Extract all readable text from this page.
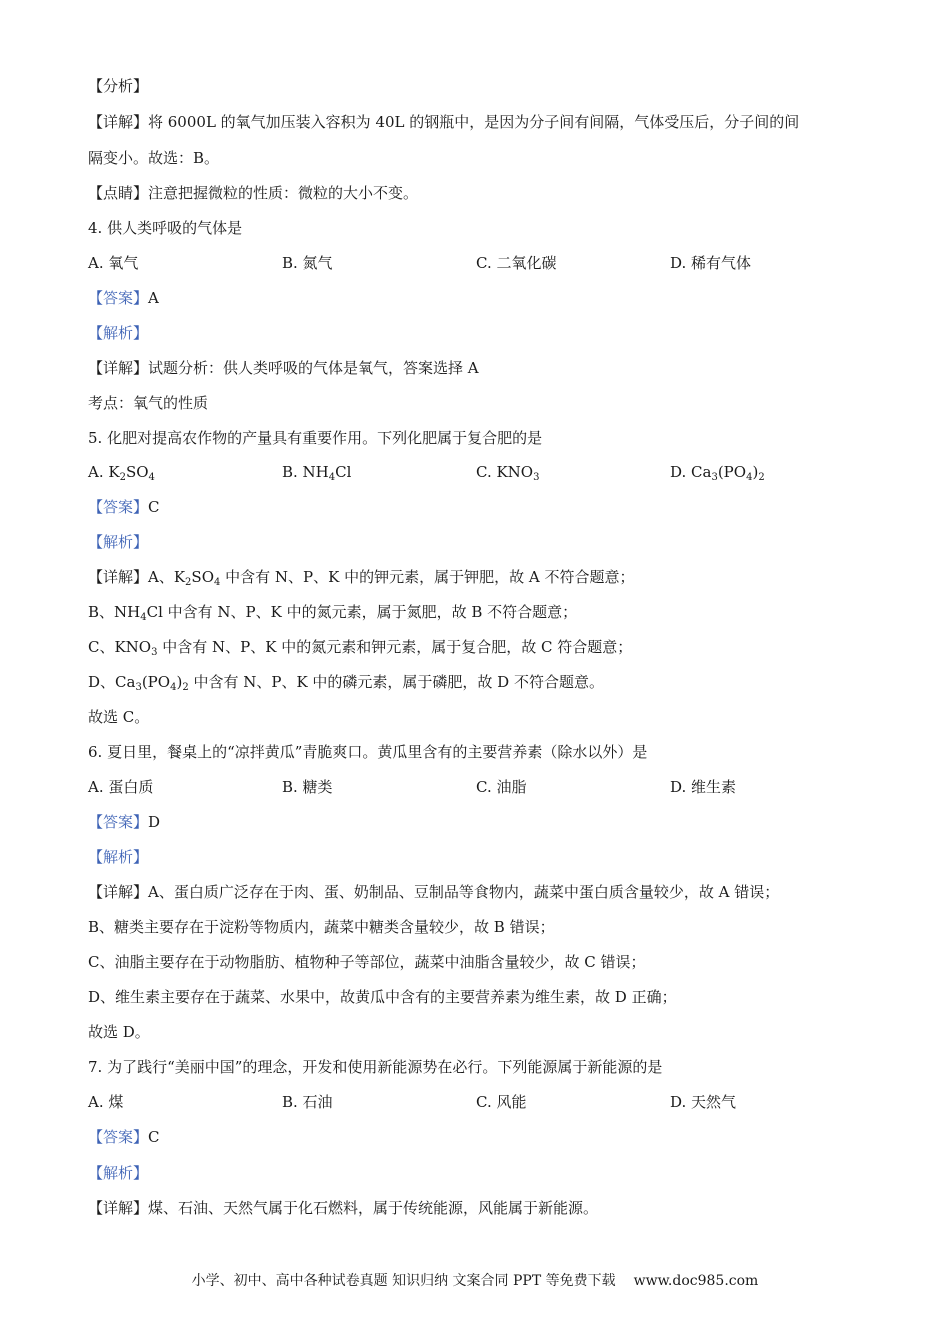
【分析】
【详解】将 6000L 的氧气加压装入容积为 40L 的钢瓶中，是因为分子间有间隔，气体受压后，分子间的间
隔变小。故选：B。
【点睛】注意把握微粒的性质：微粒的大小不变。
4. 供人类呼吸的气体是
A. 氧气	B. 氮气	C. 二氧化碳	D. 稀有气体
【答案】A
【解析】
【详解】试题分析：供人类呼吸的气体是氧气，答案选择 A
考点：氧气的性质
5. 化肥对提高农作物的产量具有重要作用。下列化肥属于复合肥的是
A. $K_2SO_4$	B. $NH_4Cl$	C. $KNO_3$	D. $Ca_3(PO_4)_2$
【答案】C
【解析】
【详解】A、$K_2SO_4$ 中含有 N、P、K 中的钾元素，属于钾肥，故 A 不符合题意；
B、$NH_4Cl$ 中含有 N、P、K 中的氮元素，属于氮肥，故 B 不符合题意；
C、$KNO_3$ 中含有 N、P、K 中的氮元素和钾元素，属于复合肥，故 C 符合题意；
D、$Ca_3(PO_4)_2$ 中含有 N、P、K 中的磷元素，属于磷肥，故 D 不符合题意。
故选 C。
6. 夏日里，餐桌上的“凉拌黄瓜”青脆爽口。黄瓜里含有的主要营养素（除水以外）是
A. 蛋白质	B. 糖类	C. 油脂	D. 维生素
【答案】D
【解析】
【详解】A、蛋白质广泛存在于肉、蛋、奶制品、豆制品等食物内，蔬菜中蛋白质含量较少，故 A 错误；
B、糖类主要存在于淀粉等物质内，蔬菜中糖类含量较少，故 B 错误；
C、油脂主要存在于动物脂肪、植物种子等部位，蔬菜中油脂含量较少，故 C 错误；
D、维生素主要存在于蔬菜、水果中，故黄瓜中含有的主要营养素为维生素，故 D 正确；
故选 D。
7. 为了践行“美丽中国”的理念，开发和使用新能源势在必行。下列能源属于新能源的是
A. 煤	B. 石油	C. 风能	D. 天然气
【答案】C
【解析】
【详解】煤、石油、天然气属于化石燃料，属于传统能源，风能属于新能源。
小学、初中、高中各种试卷真题 知识归纳 文案合同 PPT 等免费下载 www.doc985.com
